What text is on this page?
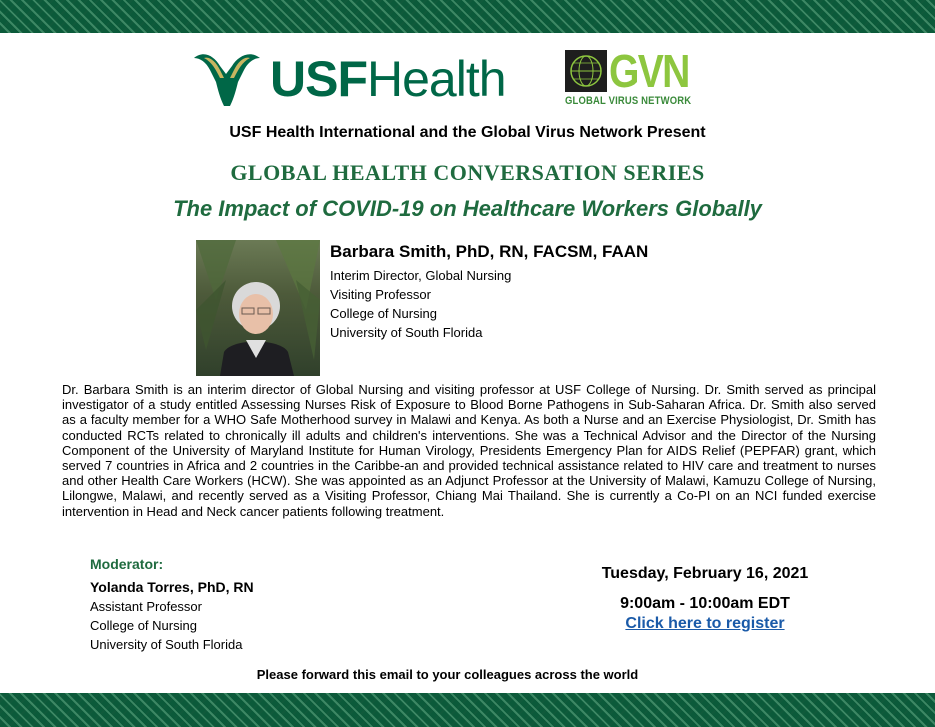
USFHealth GVN
GLOBAL VIRUS NETWORK
USF Health International and the Global Virus Network Present
GLOBAL HEALTH CONVERSATION SERIES
The Impact of COVID-19 on Healthcare Workers Globally
Barbara Smith, PhD, RN, FACSM, FAAN
Interim Director, Global Nursing
Visiting Professor
College of Nursing
University of South Florida
Dr. Barbara Smith is an interim director of Global Nursing and visiting professor at USF College of Nursing. Dr. Smith served as principal investigator of a study entitled Assessing Nurses Risk of Exposure to Blood Borne Pathogens in Sub-Saharan Africa. Dr. Smith also served as a faculty member for a WHO Safe Motherhood survey in Malawi and Kenya. As both a Nurse and an Exercise Physiologist, Dr. Smith has conducted RCTs related to chronically ill adults and children's interventions. She was a Technical Advisor and the Director of the Nursing Component of the University of Maryland Institute for Human Virology, Presidents Emergency Plan for AIDS Relief (PEPFAR) grant, which served 7 countries in Africa and 2 countries in the Caribbe-an and provided technical assistance related to HIV care and treatment to nurses and other Health Care Workers (HCW). She was appointed as an Adjunct Professor at the University of Malawi, Kamuzu College of Nursing, Lilongwe, Malawi, and recently served as a Visiting Professor, Chiang Mai Thailand. She is currently a Co-PI on an NCI funded exercise intervention in Head and Neck cancer patients following treatment.
Moderator:
Yolanda Torres, PhD, RN
Assistant Professor
College of Nursing
University of South Florida
Tuesday, February 16, 2021
9:00am - 10:00am EDT
Click here to register
Please forward this email to your colleagues across the world
